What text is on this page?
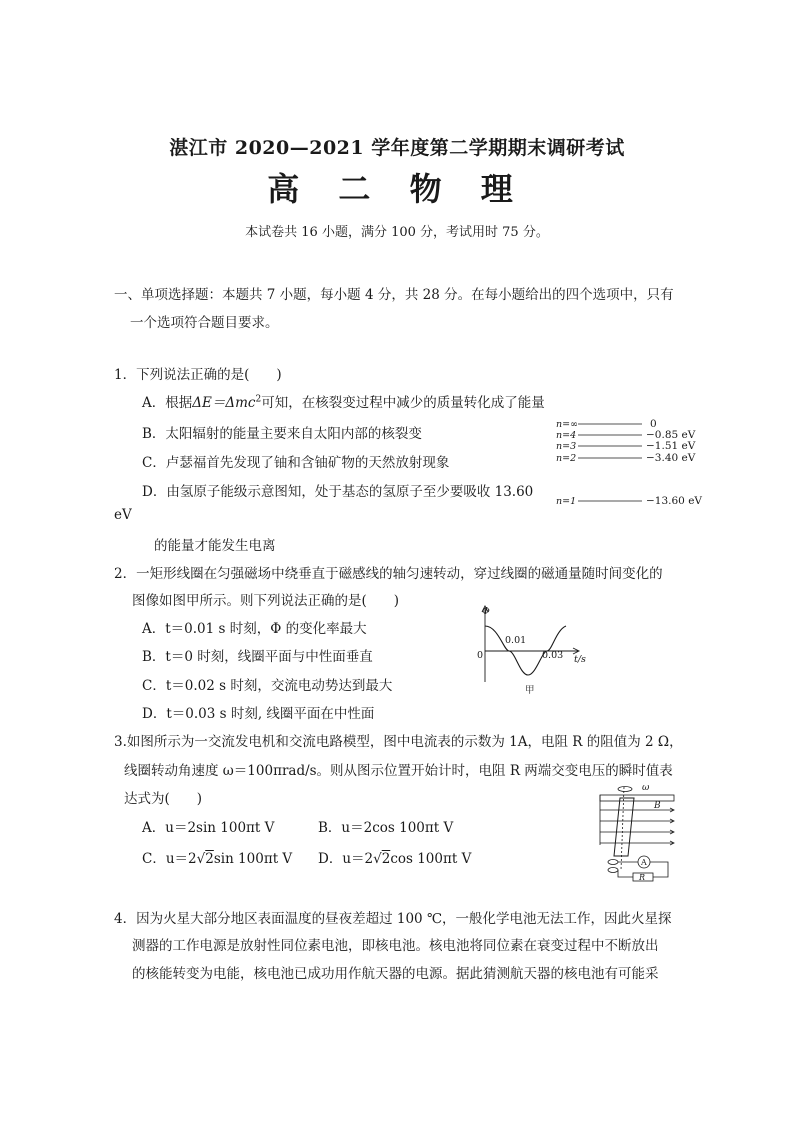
湛江市 2020—2021 学年度第二学期期末调研考试
高 二 物 理
本试卷共 16 小题，满分 100 分，考试用时 75 分。
一、单项选择题：本题共 7 小题，每小题 4 分，共 28 分。在每小题给出的四个选项中，只有
一个选项符合题目要求。
1．下列说法正确的是(　　)
A．根据ΔE＝Δmc$^2$可知，在核裂变过程中减少的质量转化成了能量
B．太阳辐射的能量主要来自太阳内部的核裂变
C．卢瑟福首先发现了铀和含铀矿物的天然放射现象
D．由氢原子能级示意图知，处于基态的氢原子至少要吸收 13.60
eV
的能量才能发生电离
n=∞
n=4
n=3
n=2
n=1
0
−0.85 eV
−1.51 eV
−3.40 eV
−13.60 eV
2．一矩形线圈在匀强磁场中绕垂直于磁感线的轴匀速转动，穿过线圈的磁通量随时间变化的
图像如图甲所示。则下列说法正确的是(　　)
A．t＝0.01 s 时刻，Φ 的变化率最大
B．t＝0 时刻，线圈平面与中性面垂直
C．t＝0.02 s 时刻，交流电动势达到最大
D．t＝0.03 s 时刻, 线圈平面在中性面
Φ
0
0.01
0.03 t/s
甲
3.如图所示为一交流发电机和交流电路模型，图中电流表的示数为 1A，电阻 R 的阻值为 2 Ω，
线圈转动角速度 ω＝100πrad/s。则从图示位置开始计时，电阻 R 两端交变电压的瞬时值表
达式为(　　)
A．u＝2sin 100πt V	B．u＝2cos 100πt V
C．u＝2√2sin 100πt V D．u＝2√2cos 100πt V
ω
B
A
R
4．因为火星大部分地区表面温度的昼夜差超过 100 ℃，一般化学电池无法工作，因此火星探
测器的工作电源是放射性同位素电池，即核电池。核电池将同位素在衰变过程中不断放出
的核能转变为电能，核电池已成功用作航天器的电源。据此猜测航天器的核电池有可能采
